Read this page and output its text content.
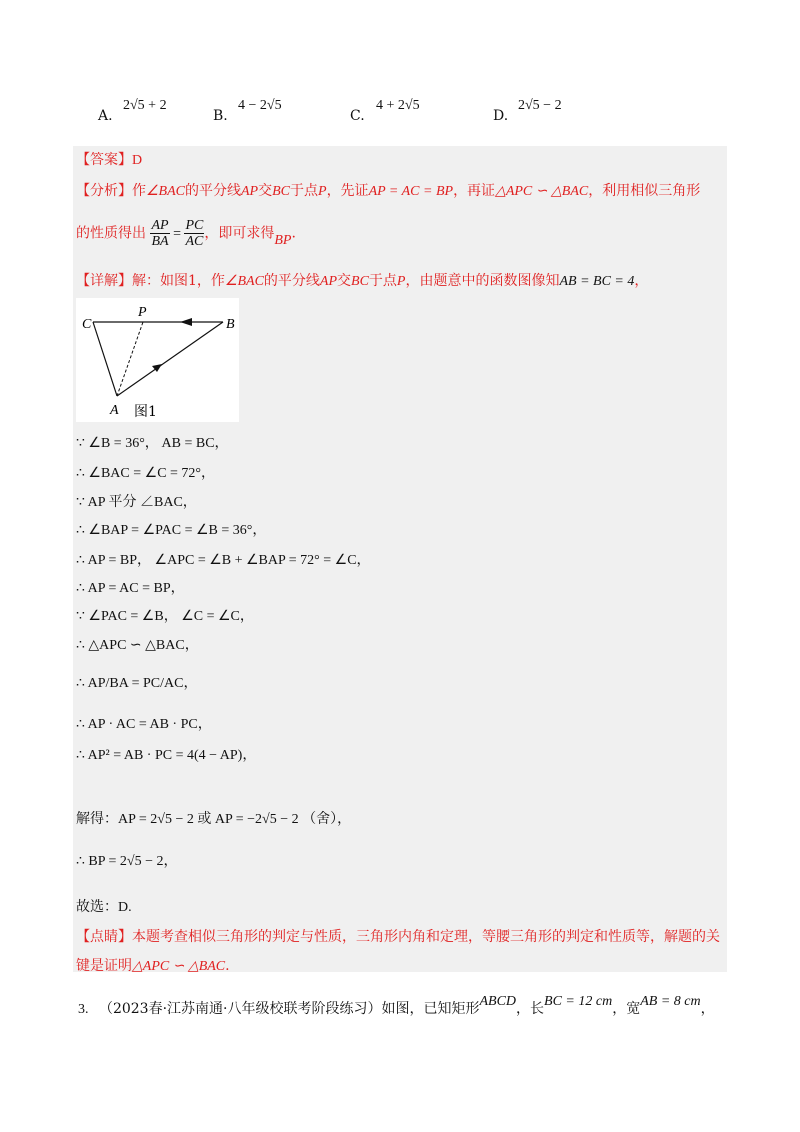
A.
2√5 + 2
B.
4 − 2√5
C.
4 + 2√5
D.
2√5 − 2
【答案】D
【分析】作∠BAC的平分线AP交BC于点P，先证AP = AC = BP，再证△APC ∽ △BAC，利用相似三角形
的性质得出 $\frac{AP}{BA} = \frac{PC}{AC}$ ，即可求得BP.
【详解】解：如图1，作∠BAC的平分线AP交BC于点P，由题意中的函数图像知AB = BC = 4，
C
P
B
A 图1
∵ ∠B = 36°， AB = BC，
∴ ∠BAC = ∠C = 72°，
∵ AP 平分 ∠BAC，
∴ ∠BAP = ∠PAC = ∠B = 36°，
∴ AP = BP， ∠APC = ∠B + ∠BAP = 72° = ∠C，
∴ AP = AC = BP，
∵ ∠PAC = ∠B， ∠C = ∠C，
∴ △APC ∽ △BAC，
∴ AP/BA = PC/AC，
∴ AP · AC = AB · PC，
∴ AP² = AB · PC = 4(4 − AP)，
解得：AP = 2√5 − 2 或 AP = −2√5 − 2 （舍），
∴ BP = 2√5 − 2，
故选：D.
【点睛】本题考查相似三角形的判定与性质，三角形内角和定理，等腰三角形的判定和性质等，解题的关
键是证明△APC ∽ △BAC.
3. （2023春·江苏南通·八年级校联考阶段练习）如图，已知矩形ABCD，长BC = 12 cm，宽AB = 8 cm，
